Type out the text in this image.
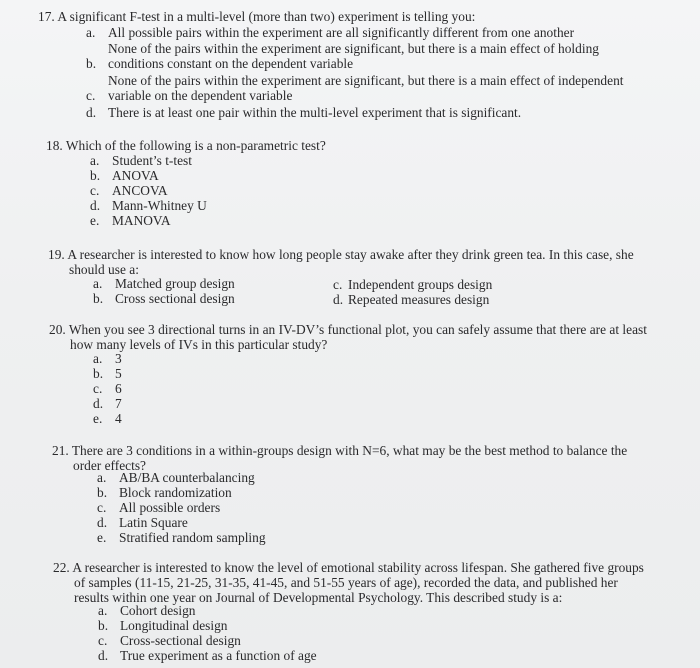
17. A significant F-test in a multi-level (more than two) experiment is telling you:
a. All possible pairs within the experiment are all significantly different from one another
b.
None of the pairs within the experiment are significant, but there is a main effect of holding
conditions constant on the dependent variable
c.
None of the pairs within the experiment are significant, but there is a main effect of independent
variable on the dependent variable
d. There is at least one pair within the multi-level experiment that is significant.
18. Which of the following is a non-parametric test?
a. Student’s t-test
b. ANOVA
c. ANCOVA
d. Mann-Whitney U
e. MANOVA
19. A researcher is interested to know how long people stay awake after they drink green tea. In this case, she
should use a:
a. Matched group design
b. Cross sectional design
c. Independent groups design
d. Repeated measures design
20. When you see 3 directional turns in an IV-DV’s functional plot, you can safely assume that there are at least
how many levels of IVs in this particular study?
a. 3
b. 5
c. 6
d. 7
e. 4
21. There are 3 conditions in a within-groups design with N=6, what may be the best method to balance the
order effects?
a. AB/BA counterbalancing
b. Block randomization
c. All possible orders
d. Latin Square
e. Stratified random sampling
22. A researcher is interested to know the level of emotional stability across lifespan. She gathered five groups
of samples (11-15, 21-25, 31-35, 41-45, and 51-55 years of age), recorded the data, and published her
results within one year on Journal of Developmental Psychology. This described study is a:
a. Cohort design
b. Longitudinal design
c. Cross-sectional design
d. True experiment as a function of age
